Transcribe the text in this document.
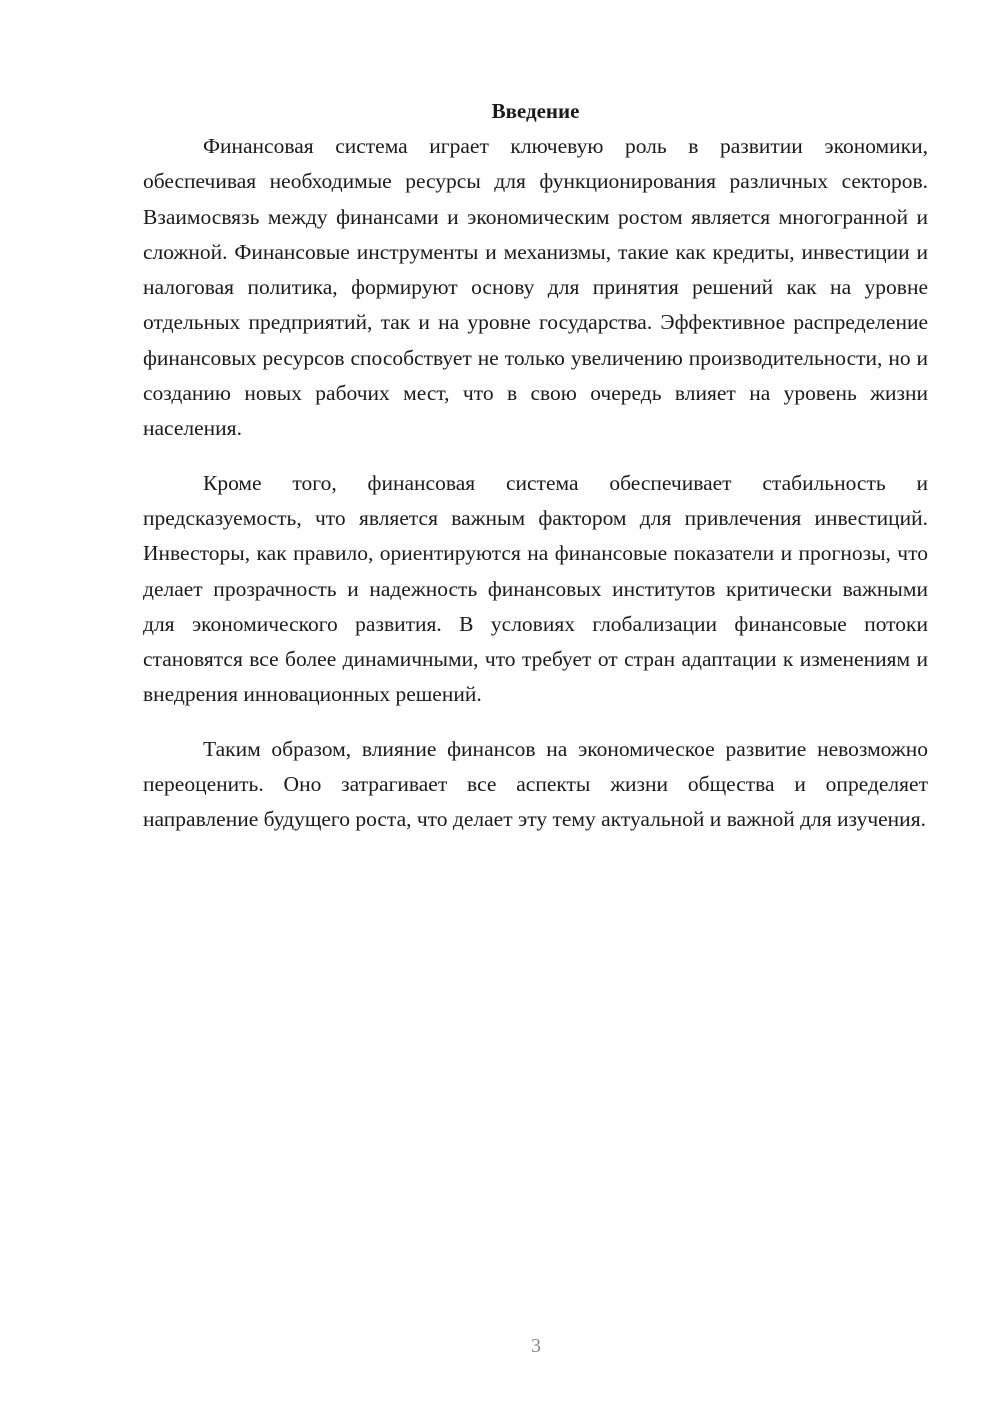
Введение

Финансовая система играет ключевую роль в развитии экономики, обеспечивая необходимые ресурсы для функционирования различных секторов. Взаимосвязь между финансами и экономическим ростом является многогранной и сложной. Финансовые инструменты и механизмы, такие как кредиты, инвестиции и налоговая политика, формируют основу для принятия решений как на уровне отдельных предприятий, так и на уровне государства. Эффективное распределение финансовых ресурсов способствует не только увеличению производительности, но и созданию новых рабочих мест, что в свою очередь влияет на уровень жизни населения.

Кроме того, финансовая система обеспечивает стабильность и предсказуемость, что является важным фактором для привлечения инвестиций. Инвесторы, как правило, ориентируются на финансовые показатели и прогнозы, что делает прозрачность и надежность финансовых институтов критически важными для экономического развития. В условиях глобализации финансовые потоки становятся все более динамичными, что требует от стран адаптации к изменениям и внедрения инновационных решений.

Таким образом, влияние финансов на экономическое развитие невозможно переоценить. Оно затрагивает все аспекты жизни общества и определяет направление будущего роста, что делает эту тему актуальной и важной для изучения.

3
